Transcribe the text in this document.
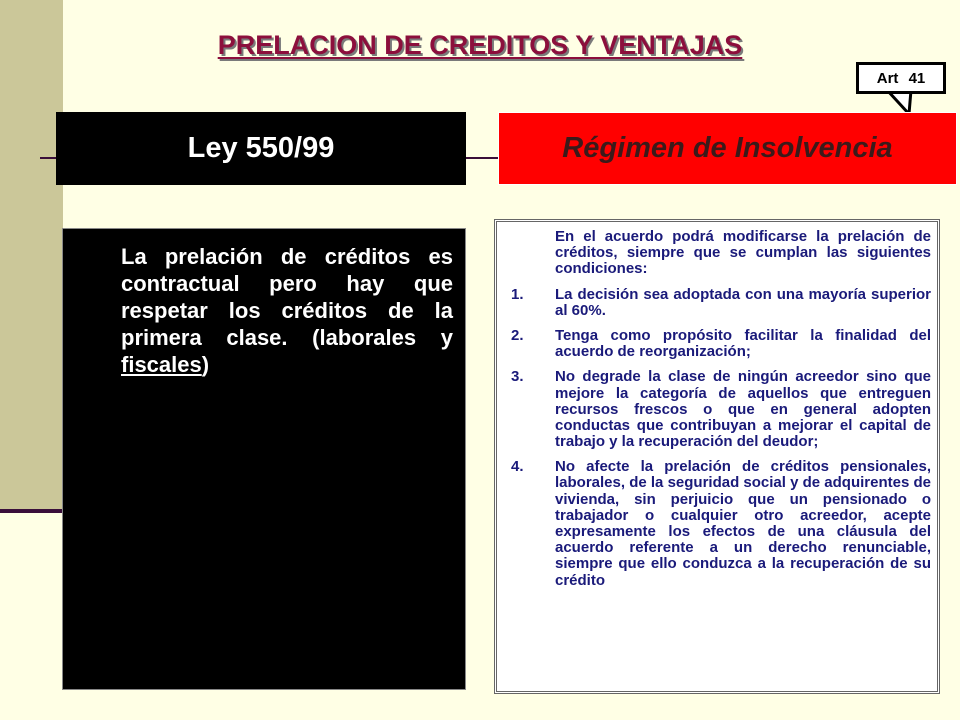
PRELACION DE CREDITOS Y VENTAJAS
Art 41
Ley 550/99	Régimen de Insolvencia
La prelación de créditos es contractual pero hay que respetar los créditos de la primera clase. (laborales y fiscales)

En el acuerdo podrá modificarse la prelación de créditos, siempre que se cumplan las siguientes condiciones:

1. La decisión sea adoptada con una mayoría superior al 60%.
2. Tenga como propósito facilitar la finalidad del acuerdo de reorganización;
3. No degrade la clase de ningún acreedor sino que mejore la categoría de aquellos que entreguen recursos frescos o que en general adopten conductas que contribuyan a mejorar el capital de trabajo y la recuperación del deudor;
4. No afecte la prelación de créditos pensionales, laborales, de la seguridad social y de adquirentes de vivienda, sin perjuicio que un pensionado o trabajador o cualquier otro acreedor, acepte expresamente los efectos de una cláusula del acuerdo referente a un derecho renunciable, siempre que ello conduzca a la recuperación de su crédito
